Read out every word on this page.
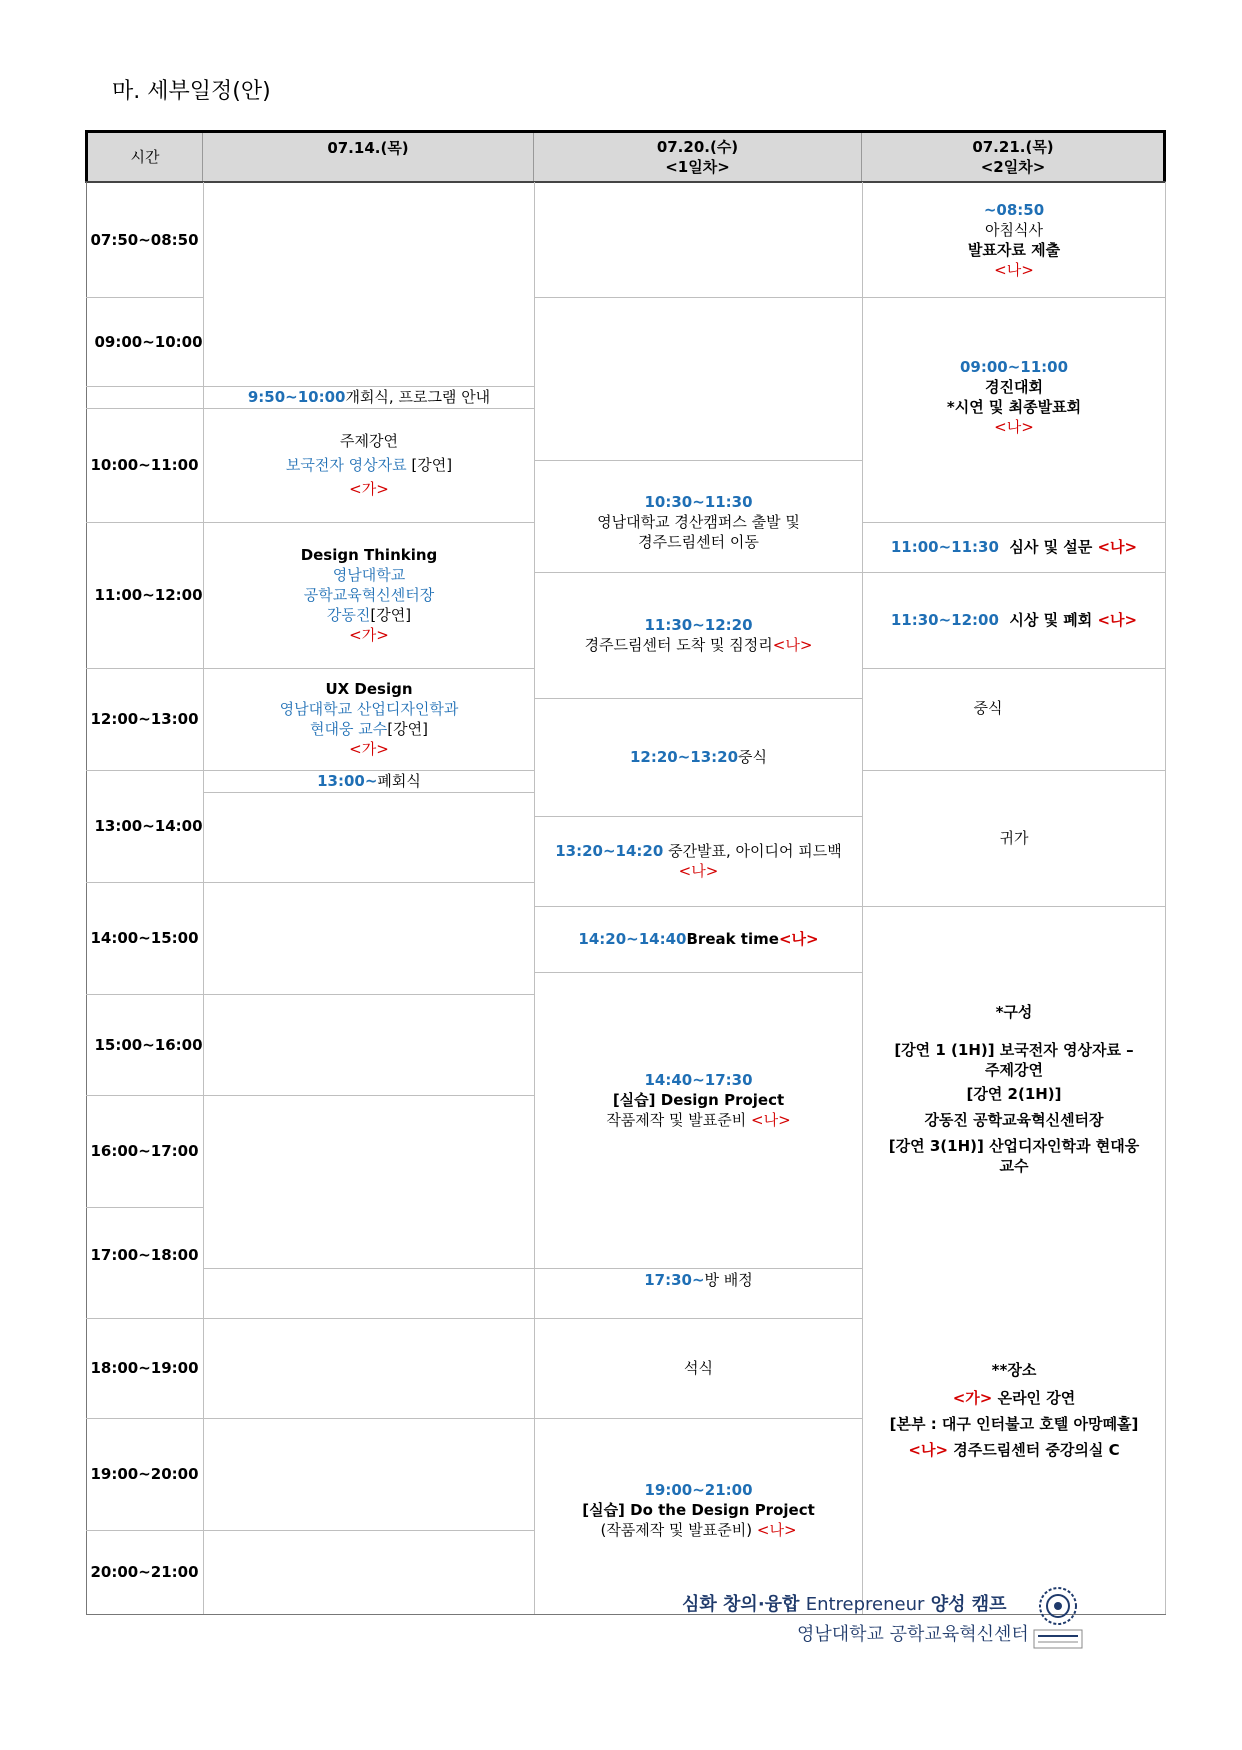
마. 세부일정(안)
시간	07.14.(목)	07.20.(수)
<1일차>
07.21.(목)
<2일차>
07:50~08:50
09:00~10:00
10:00~11:00
11:00~12:00
12:00~13:00
13:00~14:00
14:00~15:00
15:00~16:00
16:00~17:00
17:00~18:00
18:00~19:00
19:00~20:00
20:00~21:00
9:50~10:00 개회식, 프로그램 안내
주제강연
보국전자 영상자료 [강연]
<가>
Design Thinking
영남대학교
공학교육혁신센터장
강동진[강연]
<가>
UX Design
영남대학교 산업디자인학과
현대웅 교수[강연]
<가>
13:00~ 폐회식
10:30~11:30
영남대학교 경산캠퍼스 출발 및
경주드림센터 이동
11:30~12:20
경주드림센터 도착 및 짐정리<나>
12:20~13:20 중식
13:20~14:20 중간발표, 아이디어 피드백
<나>
14:20~14:40 Break time <나>
14:40~17:30
[실습] Design Project
작품제작 및 발표준비 <나>
17:30~ 방 배정
석식
19:00~21:00
[실습] Do the Design Project
(작품제작 및 발표준비) <나>
~08:50
아침식사
발표자료 제출
<나>
09:00~11:00
경진대회
*시연 및 최종발표회
<나>
11:00~11:30 심사 및 설문 <나>
11:30~12:00 시상 및 폐회 <나>
중식
귀가

*구성

[강연 1 (1H)] 보국전자 영상자료 –
주제강연
[강연 2(1H)]
강동진 공학교육혁신센터장
[강연 3(1H)] 산업디자인학과 현대웅
교수
**장소
<가> 온라인 강연
[본부 : 대구 인터불고 호텔 아망떼홀]
<나> 경주드림센터 중강의실 C
심화 창의·융합 Entrepreneur 양성 캠프
영남대학교 공학교육혁신센터
